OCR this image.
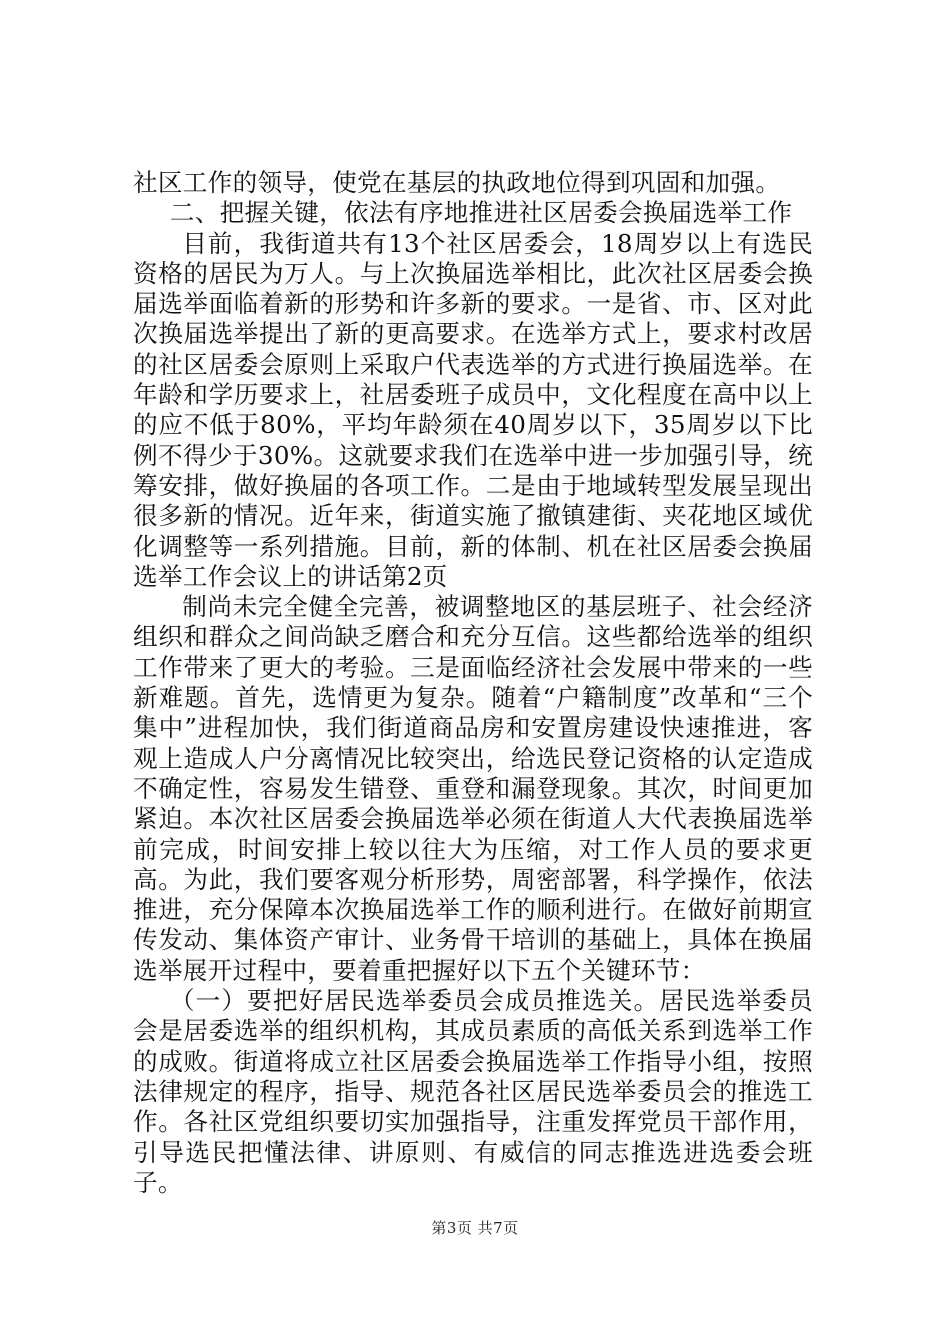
社区工作的领导，使党在基层的执政地位得到巩固和加强。

二、把握关键，依法有序地推进社区居委会换届选举工作

目前，我街道共有13个社区居委会，18周岁以上有选民资格的居民为万人。与上次换届选举相比，此次社区居委会换届选举面临着新的形势和许多新的要求。一是省、市、区对此次换届选举提出了新的更高要求。在选举方式上，要求村改居的社区居委会原则上采取户代表选举的方式进行换届选举。在年龄和学历要求上，社居委班子成员中，文化程度在高中以上的应不低于80%，平均年龄须在40周岁以下，35周岁以下比例不得少于30%。这就要求我们在选举中进一步加强引导，统筹安排，做好换届的各项工作。二是由于地域转型发展呈现出很多新的情况。近年来，街道实施了撤镇建街、夹花地区域优化调整等一系列措施。目前，新的体制、机在社区居委会换届选举工作会议上的讲话第2页

制尚未完全健全完善，被调整地区的基层班子、社会经济组织和群众之间尚缺乏磨合和充分互信。这些都给选举的组织工作带来了更大的考验。三是面临经济社会发展中带来的一些新难题。首先，选情更为复杂。随着“户籍制度”改革和“三个集中”进程加快，我们街道商品房和安置房建设快速推进，客观上造成人户分离情况比较突出，给选民登记资格的认定造成不确定性，容易发生错登、重登和漏登现象。其次，时间更加紧迫。本次社区居委会换届选举必须在街道人大代表换届选举前完成，时间安排上较以往大为压缩，对工作人员的要求更高。为此，我们要客观分析形势，周密部署，科学操作，依法推进，充分保障本次换届选举工作的顺利进行。在做好前期宣传发动、集体资产审计、业务骨干培训的基础上，具体在换届选举展开过程中，要着重把握好以下五个关键环节：

（一）要把好居民选举委员会成员推选关。居民选举委员会是居委选举的组织机构，其成员素质的高低关系到选举工作的成败。街道将成立社区居委会换届选举工作指导小组，按照法律规定的程序，指导、规范各社区居民选举委员会的推选工作。各社区党组织要切实加强指导，注重发挥党员干部作用，引导选民把懂法律、讲原则、有威信的同志推选进选委会班子。

第3页 共7页
